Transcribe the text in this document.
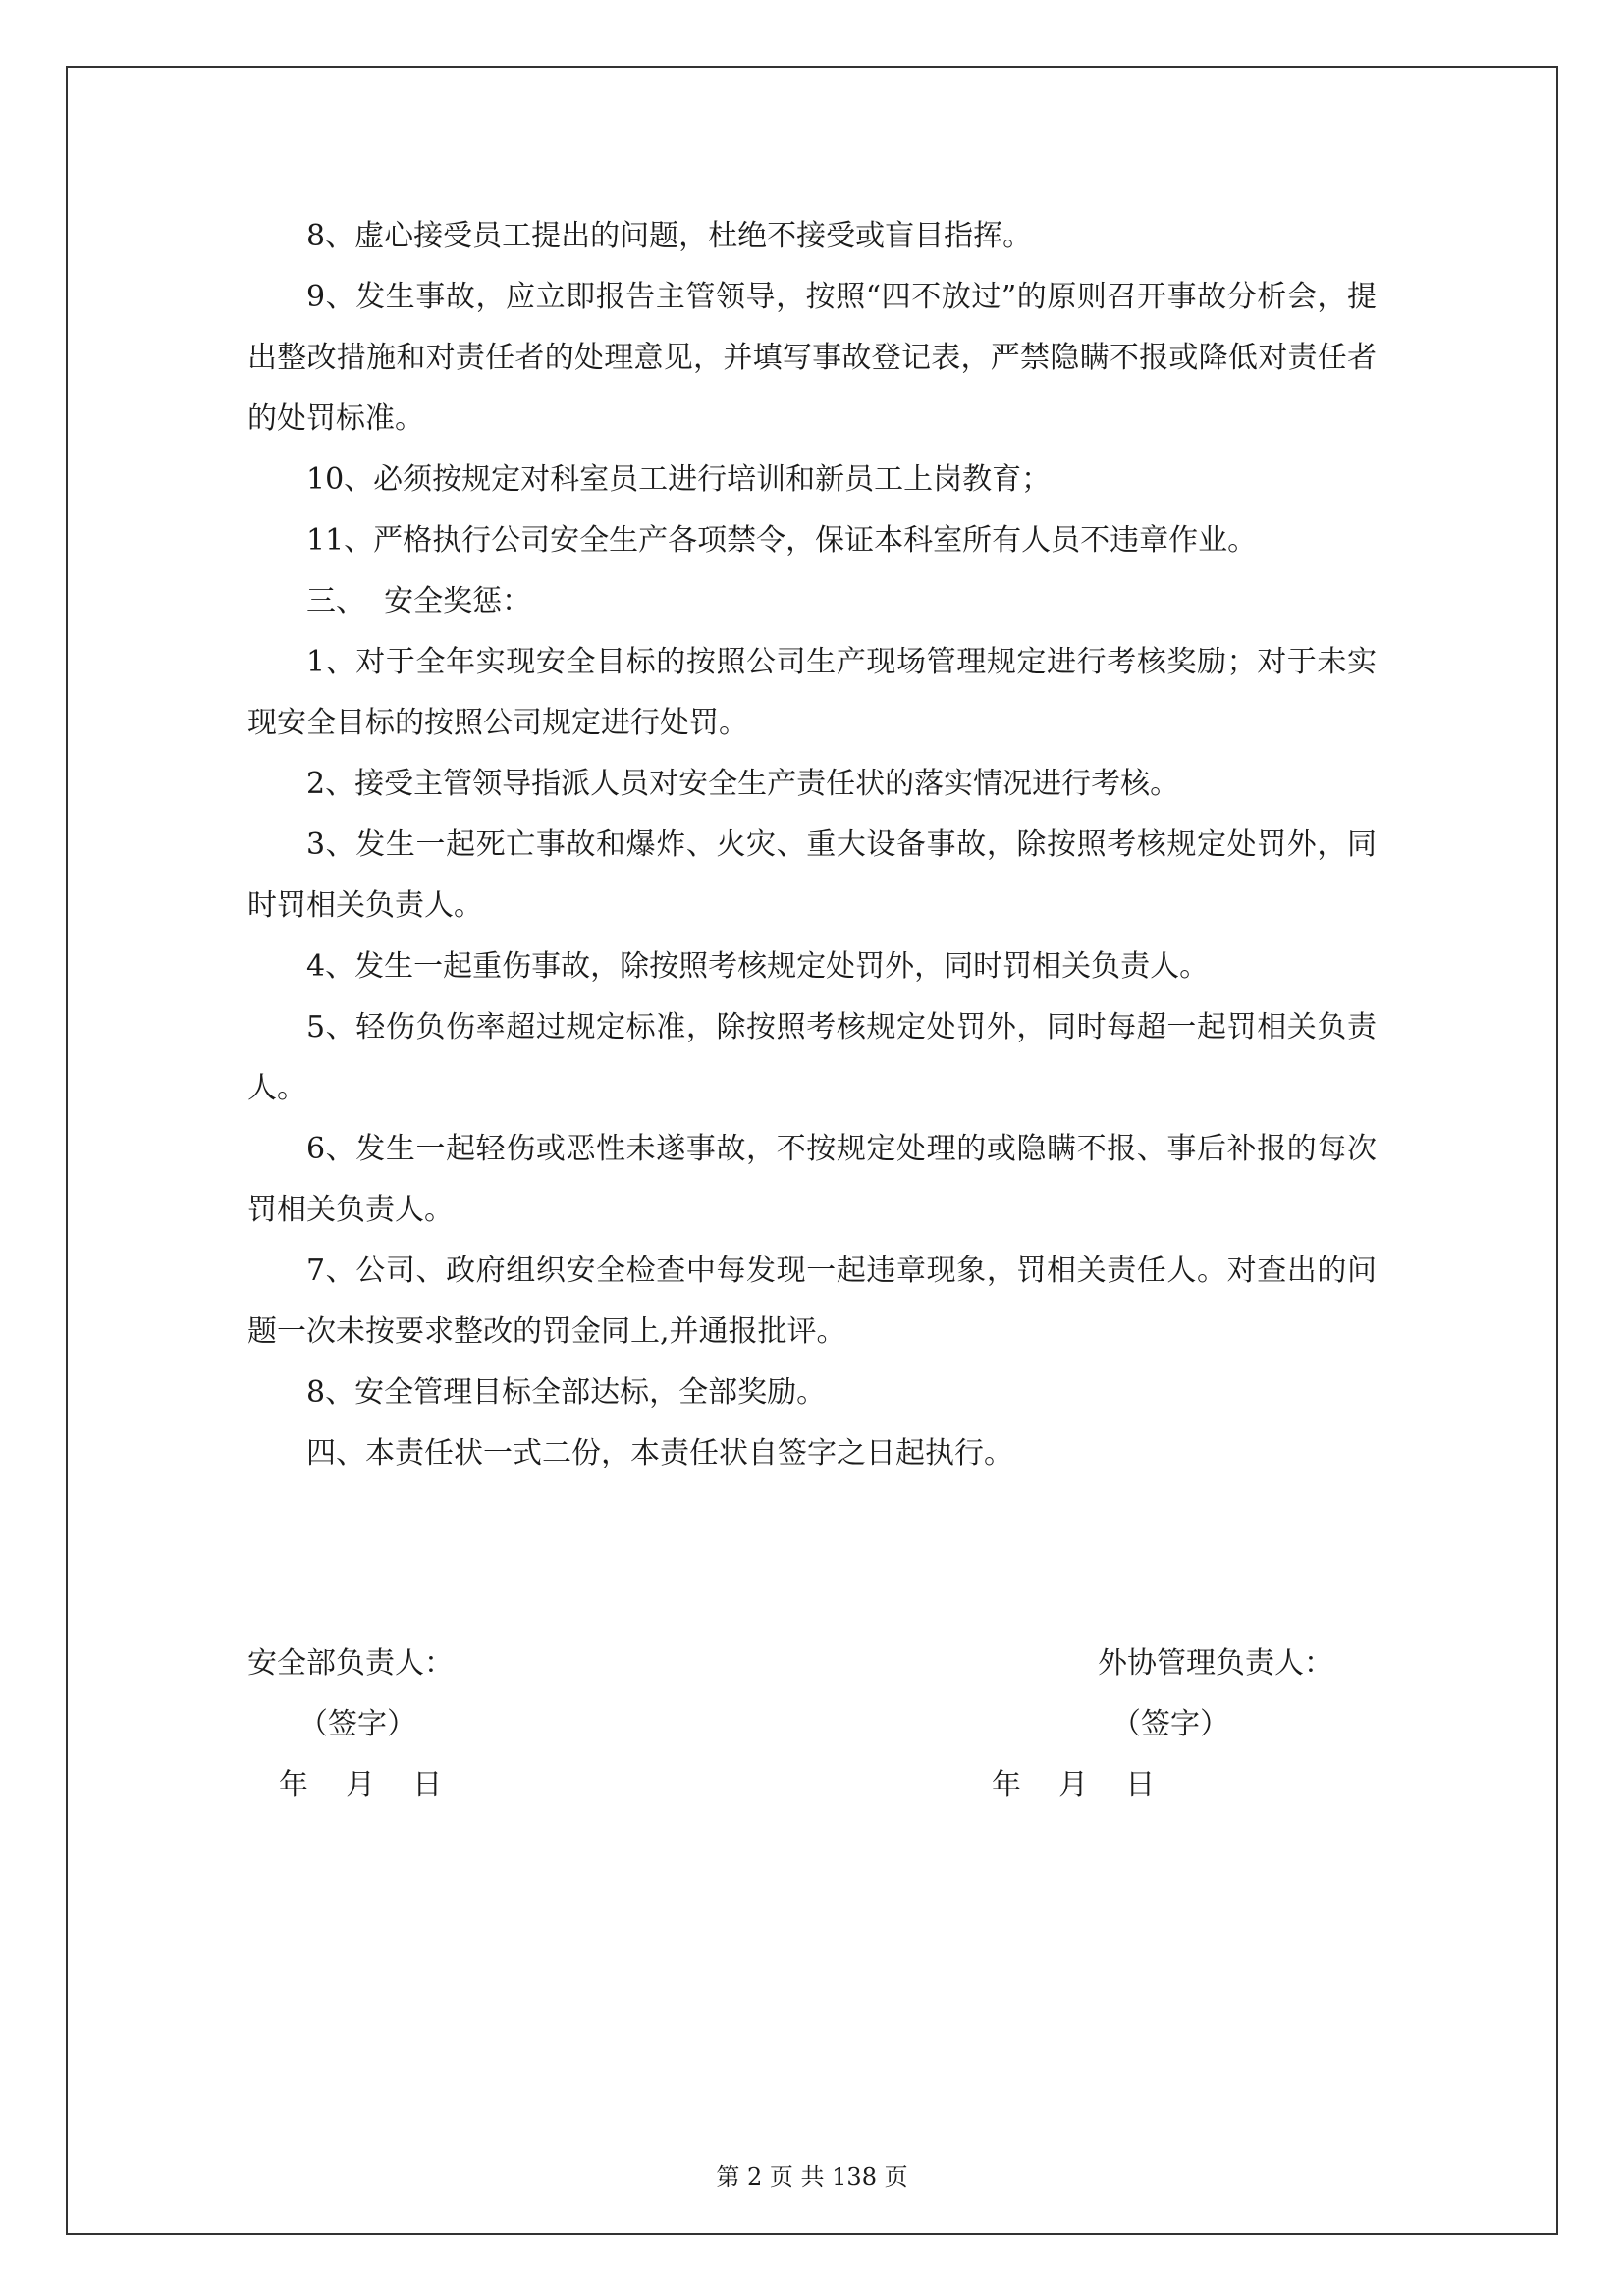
8、虚心接受员工提出的问题，杜绝不接受或盲目指挥。

9、发生事故，应立即报告主管领导，按照“四不放过”的原则召开事故分析会，提出整改措施和对责任者的处理意见，并填写事故登记表，严禁隐瞒不报或降低对责任者的处罚标准。

10、必须按规定对科室员工进行培训和新员工上岗教育；

11、严格执行公司安全生产各项禁令，保证本科室所有人员不违章作业。

三、  安全奖惩：

1、对于全年实现安全目标的按照公司生产现场管理规定进行考核奖励；对于未实现安全目标的按照公司规定进行处罚。

2、接受主管领导指派人员对安全生产责任状的落实情况进行考核。

3、发生一起死亡事故和爆炸、火灾、重大设备事故，除按照考核规定处罚外，同时罚相关负责人。

4、发生一起重伤事故，除按照考核规定处罚外，同时罚相关负责人。

5、轻伤负伤率超过规定标准，除按照考核规定处罚外，同时每超一起罚相关负责人。

6、发生一起轻伤或恶性未遂事故，不按规定处理的或隐瞒不报、事后补报的每次罚相关负责人。

7、公司、政府组织安全检查中每发现一起违章现象，罚相关责任人。对查出的问题一次未按要求整改的罚金同上,并通报批评。

8、安全管理目标全部达标，全部奖励。

四、本责任状一式二份，本责任状自签字之日起执行。

安全部负责人：

（签字）

年    月    日

外协管理负责人：

（签字）

年    月    日

第 2 页 共 138 页
